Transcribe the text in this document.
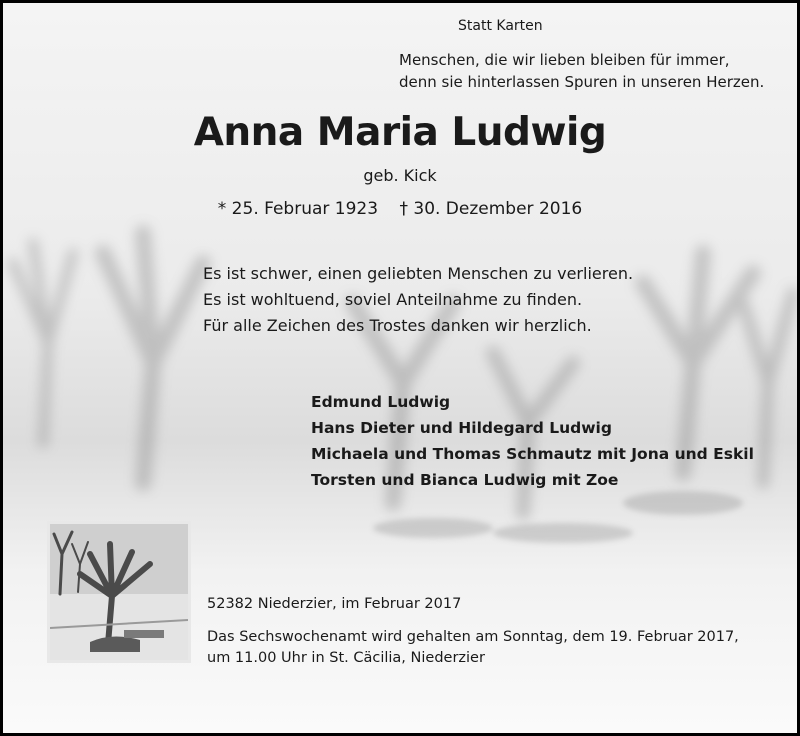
Statt Karten
Menschen, die wir lieben bleiben für immer,
denn sie hinterlassen Spuren in unseren Herzen.
Anna Maria Ludwig
geb. Kick
* 25. Februar 1923 † 30. Dezember 2016
Es ist schwer, einen geliebten Menschen zu verlieren.
Es ist wohltuend, soviel Anteilnahme zu finden.
Für alle Zeichen des Trostes danken wir herzlich.
Edmund Ludwig
Hans Dieter und Hildegard Ludwig
Michaela und Thomas Schmautz mit Jona und Eskil
Torsten und Bianca Ludwig mit Zoe
52382 Niederzier, im Februar 2017
Das Sechswochenamt wird gehalten am Sonntag, dem 19. Februar 2017,
um 11.00 Uhr in St. Cäcilia, Niederzier
